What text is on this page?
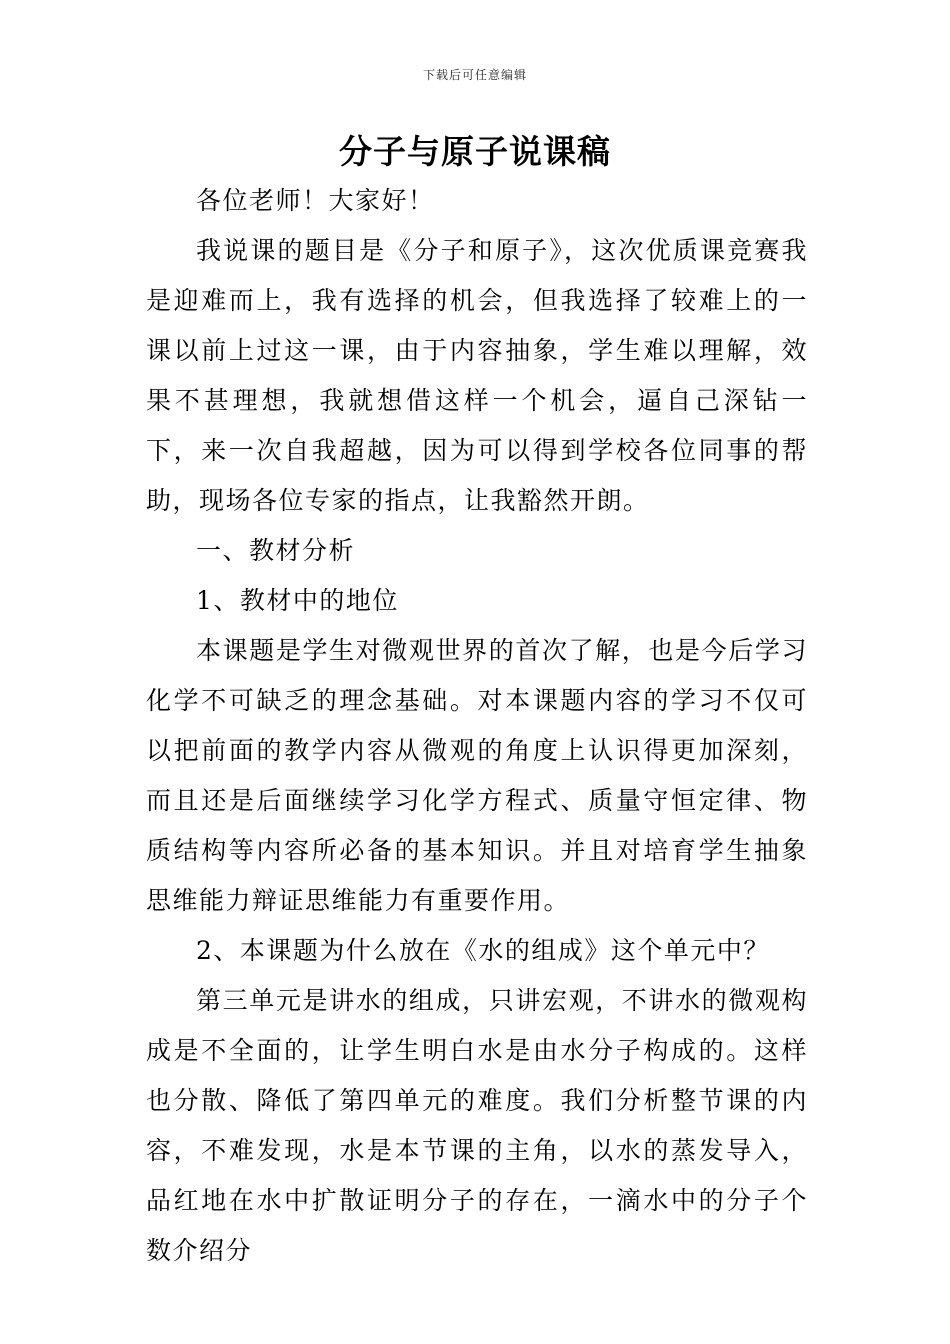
下载后可任意编辑
分子与原子说课稿

各位老师！大家好！

我说课的题目是《分子和原子》，这次优质课竞赛我是迎难而上，我有选择的机会，但我选择了较难上的一课以前上过这一课，由于内容抽象，学生难以理解，效果不甚理想，我就想借这样一个机会，逼自己深钻一下，来一次自我超越，因为可以得到学校各位同事的帮助，现场各位专家的指点，让我豁然开朗。

一、教材分析

1、教材中的地位

本课题是学生对微观世界的首次了解，也是今后学习化学不可缺乏的理念基础。对本课题内容的学习不仅可以把前面的教学内容从微观的角度上认识得更加深刻，而且还是后面继续学习化学方程式、质量守恒定律、物质结构等内容所必备的基本知识。并且对培育学生抽象思维能力辩证思维能力有重要作用。

2、本课题为什么放在《水的组成》这个单元中？

第三单元是讲水的组成，只讲宏观，不讲水的微观构成是不全面的，让学生明白水是由水分子构成的。这样也分散、降低了第四单元的难度。我们分析整节课的内容，不难发现，水是本节课的主角，以水的蒸发导入，品红地在水中扩散证明分子的存在，一滴水中的分子个数介绍分
